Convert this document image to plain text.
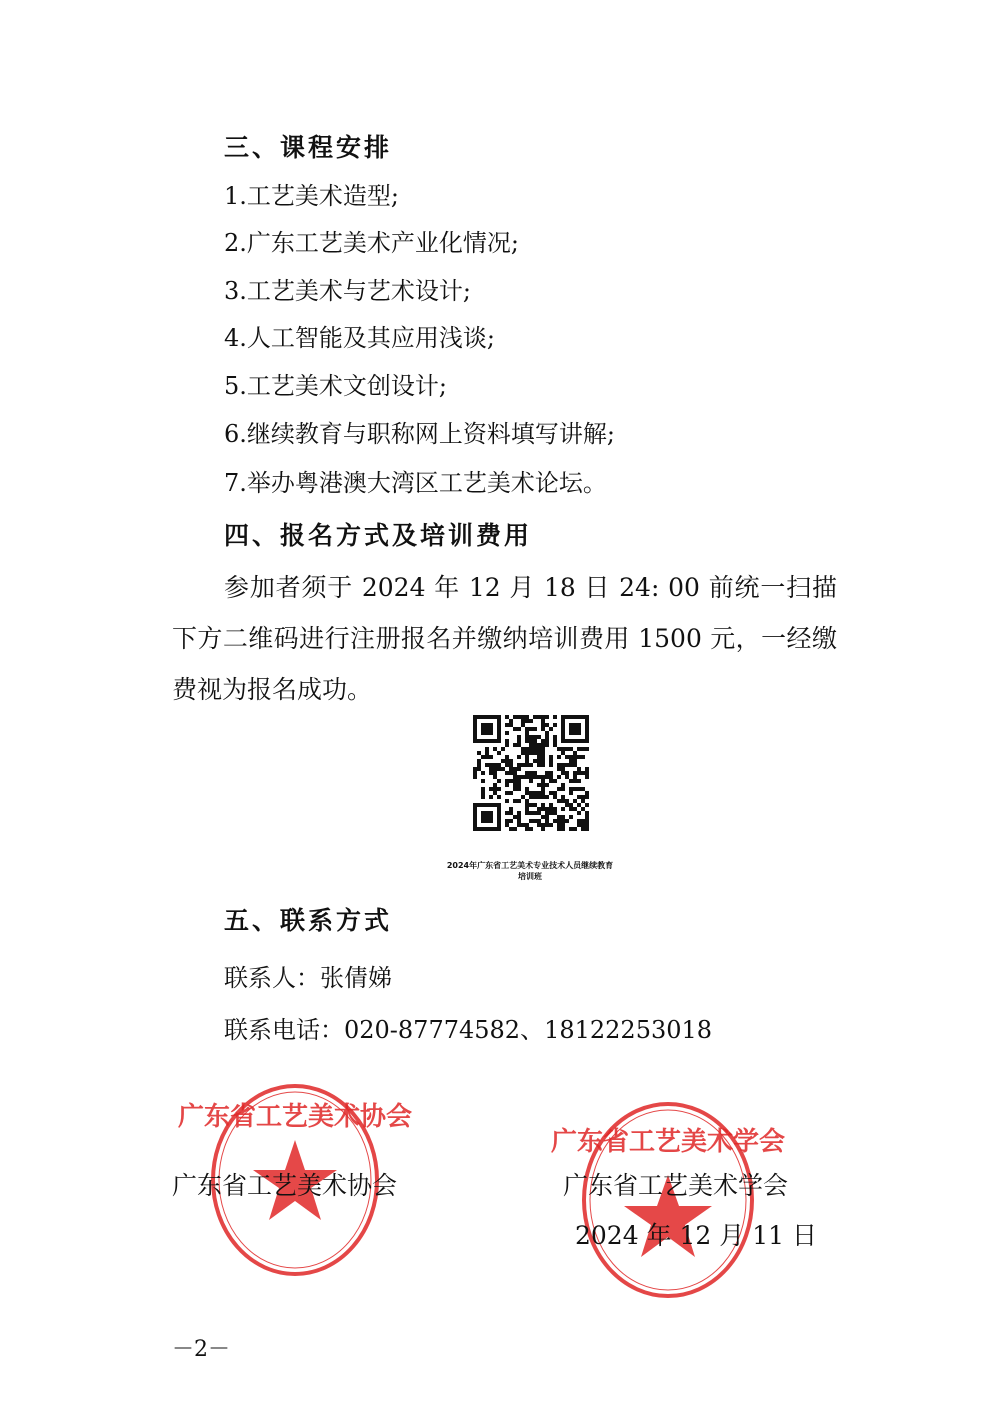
三、课程安排
1.工艺美术造型;
2.广东工艺美术产业化情况;
3.工艺美术与艺术设计;
4.人工智能及其应用浅谈;
5.工艺美术文创设计;
6.继续教育与职称网上资料填写讲解;
7.举办粤港澳大湾区工艺美术论坛。
四、报名方式及培训费用
参加者须于 2024 年 12 月 18 日 24: 00 前统一扫描下方二维码进行注册报名并缴纳培训费用 1500 元，一经缴费视为报名成功。
2024年广东省工艺美术专业技术人员继续教育
培训班
五、联系方式
联系人：张倩娣
联系电话：020-87774582、18122253018
广东省工艺美术协会
广东省工艺美术学会
广东省工艺美术协会	广东省工艺美术学会
2024 年 12 月 11 日
－2－
